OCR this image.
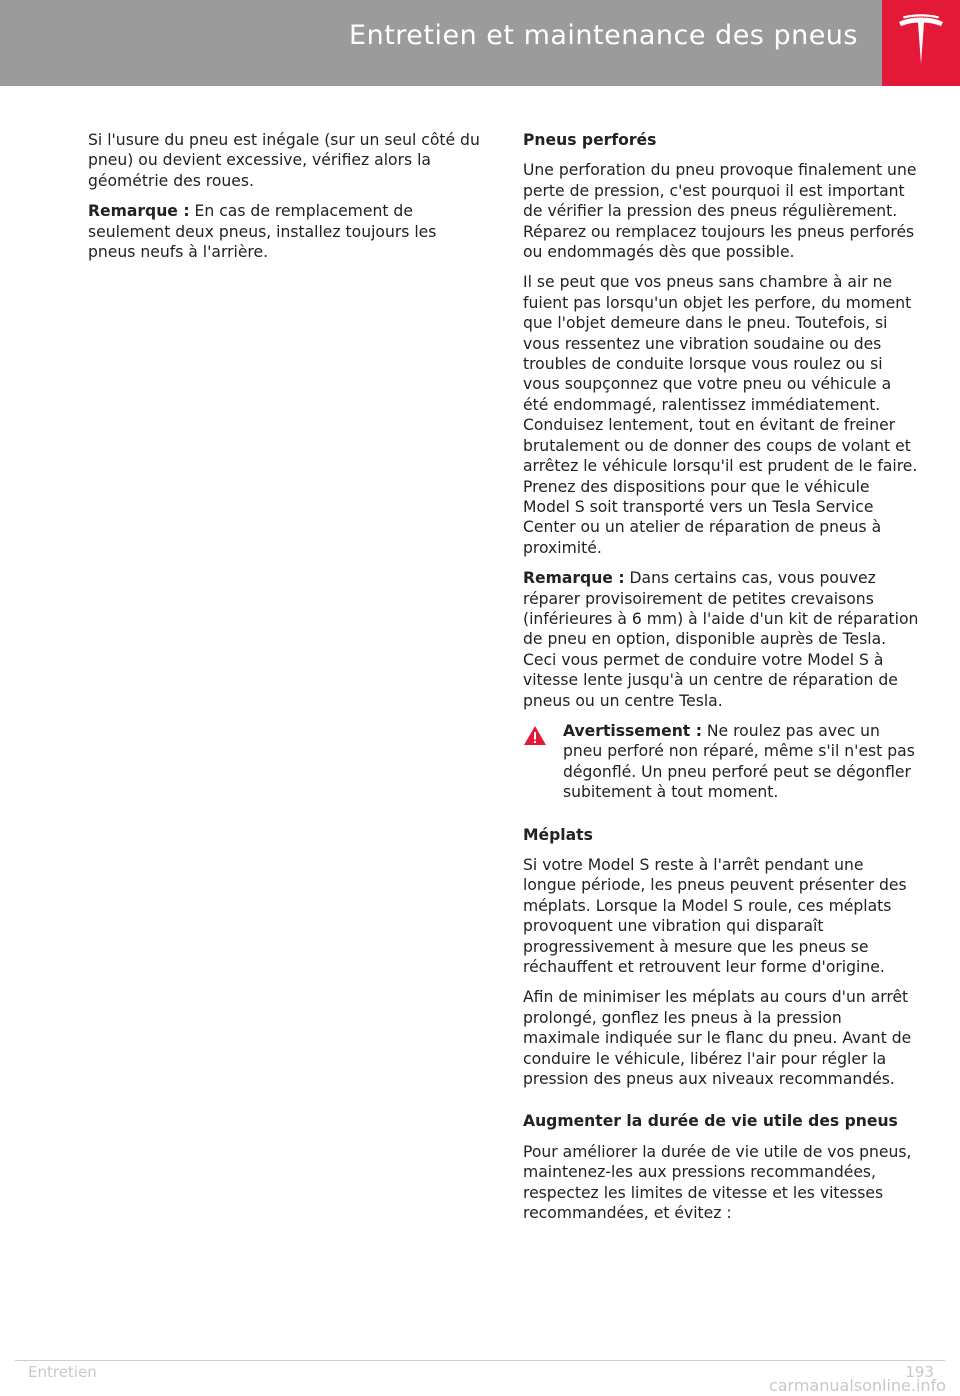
Entretien et maintenance des pneus

Si l'usure du pneu est inégale (sur un seul côté du pneu) ou devient excessive, vérifiez alors la géométrie des roues.

Remarque : En cas de remplacement de seulement deux pneus, installez toujours les pneus neufs à l'arrière.

Pneus perforés

Une perforation du pneu provoque finalement une perte de pression, c'est pourquoi il est important de vérifier la pression des pneus régulièrement. Réparez ou remplacez toujours les pneus perforés ou endommagés dès que possible.

Il se peut que vos pneus sans chambre à air ne fuient pas lorsqu'un objet les perfore, du moment que l'objet demeure dans le pneu. Toutefois, si vous ressentez une vibration soudaine ou des troubles de conduite lorsque vous roulez ou si vous soupçonnez que votre pneu ou véhicule a été endommagé, ralentissez immédiatement. Conduisez lentement, tout en évitant de freiner brutalement ou de donner des coups de volant et arrêtez le véhicule lorsqu'il est prudent de le faire. Prenez des dispositions pour que le véhicule Model S soit transporté vers un Tesla Service Center ou un atelier de réparation de pneus à proximité.

Remarque : Dans certains cas, vous pouvez réparer provisoirement de petites crevaisons (inférieures à 6 mm) à l'aide d'un kit de réparation de pneu en option, disponible auprès de Tesla. Ceci vous permet de conduire votre Model S à vitesse lente jusqu'à un centre de réparation de pneus ou un centre Tesla.

Avertissement : Ne roulez pas avec un pneu perforé non réparé, même s'il n'est pas dégonflé. Un pneu perforé peut se dégonfler subitement à tout moment.
Méplats

Si votre Model S reste à l'arrêt pendant une longue période, les pneus peuvent présenter des méplats. Lorsque la Model S roule, ces méplats provoquent une vibration qui disparaît progressivement à mesure que les pneus se réchauffent et retrouvent leur forme d'origine.

Afin de minimiser les méplats au cours d'un arrêt prolongé, gonflez les pneus à la pression maximale indiquée sur le flanc du pneu. Avant de conduire le véhicule, libérez l'air pour régler la pression des pneus aux niveaux recommandés.

Augmenter la durée de vie utile des pneus

Pour améliorer la durée de vie utile de vos pneus, maintenez-les aux pressions recommandées, respectez les limites de vitesse et les vitesses recommandées, et évitez :

Entretien	193
carmanualsonline.info
